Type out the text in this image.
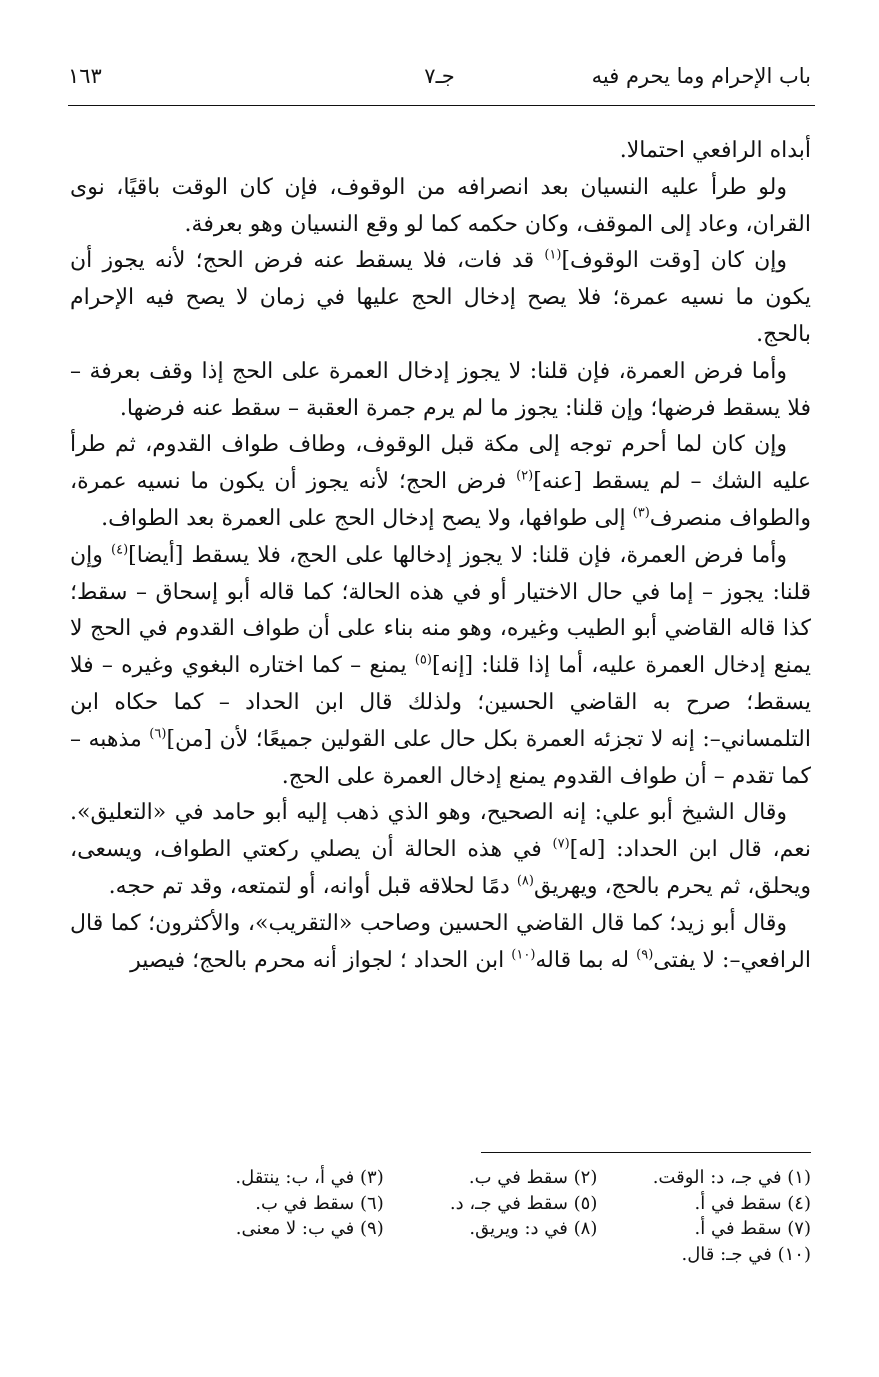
باب الإحرام وما يحرم فيه
جـ٧
١٦٣

أبداه الرافعي احتمالا.

ولو طرأ عليه النسيان بعد انصرافه من الوقوف، فإن كان الوقت باقيًا، نوى القران، وعاد إلى الموقف، وكان حكمه كما لو وقع النسيان وهو بعرفة.

وإن كان [وقت الوقوف]$^{(١)}$ قد فات، فلا يسقط عنه فرض الحج؛ لأنه يجوز أن يكون ما نسيه عمرة؛ فلا يصح إدخال الحج عليها في زمان لا يصح فيه الإحرام بالحج.

وأما فرض العمرة، فإن قلنا: لا يجوز إدخال العمرة على الحج إذا وقف بعرفة – فلا يسقط فرضها؛ وإن قلنا: يجوز ما لم يرم جمرة العقبة – سقط عنه فرضها.

وإن كان لما أحرم توجه إلى مكة قبل الوقوف، وطاف طواف القدوم، ثم طرأ عليه الشك – لم يسقط [عنه]$^{(٢)}$ فرض الحج؛ لأنه يجوز أن يكون ما نسيه عمرة، والطواف منصرف$^{(٣)}$ إلى طوافها، ولا يصح إدخال الحج على العمرة بعد الطواف.

وأما فرض العمرة، فإن قلنا: لا يجوز إدخالها على الحج، فلا يسقط [أيضا]$^{(٤)}$ وإن قلنا: يجوز – إما في حال الاختيار أو في هذه الحالة؛ كما قاله أبو إسحاق – سقط؛ كذا قاله القاضي أبو الطيب وغيره، وهو منه بناء على أن طواف القدوم في الحج لا يمنع إدخال العمرة عليه، أما إذا قلنا: [إنه]$^{(٥)}$ يمنع – كما اختاره البغوي وغيره – فلا يسقط؛ صرح به القاضي الحسين؛ ولذلك قال ابن الحداد – كما حكاه ابن التلمساني–: إنه لا تجزئه العمرة بكل حال على القولين جميعًا؛ لأن [من]$^{(٦)}$ مذهبه – كما تقدم – أن طواف القدوم يمنع إدخال العمرة على الحج.

وقال الشيخ أبو علي: إنه الصحيح، وهو الذي ذهب إليه أبو حامد في «التعليق». نعم، قال ابن الحداد: [له]$^{(٧)}$ في هذه الحالة أن يصلي ركعتي الطواف، ويسعى، ويحلق، ثم يحرم بالحج، ويهريق$^{(٨)}$ دمًا لحلاقه قبل أوانه، أو لتمتعه، وقد تم حجه.

وقال أبو زيد؛ كما قال القاضي الحسين وصاحب «التقريب»، والأكثرون؛ كما قال الرافعي–: لا يفتى$^{(٩)}$ له بما قاله$^{(١٠)}$ ابن الحداد ؛ لجواز أنه محرم بالحج؛ فيصير

(١) في جـ، د: الوقت.
(٢) سقط في ب.
(٣) في أ، ب: ينتقل.
(٤) سقط في أ.
(٥) سقط في جـ، د.
(٦) سقط في ب.
(٧) سقط في أ.
(٨) في د: ويريق.
(٩) في ب: لا معنى.
(١٠) في جـ: قال.
